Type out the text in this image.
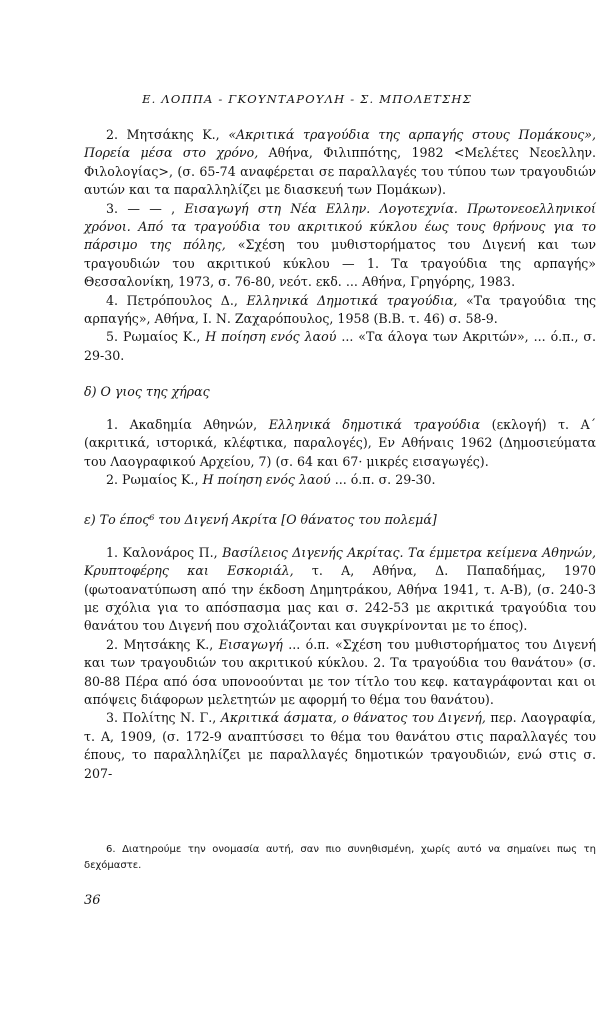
Ε. ΛΟΠΠΑ - ΓΚΟΥΝΤΑΡΟΥΛΗ - Σ. ΜΠΟΛΕΤΣΗΣ

2. Μητσάκης Κ., «Ακριτικά τραγούδια της αρπαγής στους Πομάκους», Πορεία μέσα στο χρόνο, Αθήνα, Φιλιππότης, 1982 <Μελέτες Νεοελλην. Φιλολογίας>, (σ. 65-74 αναφέρεται σε παραλλαγές του τύπου των τραγουδιών αυτών και τα παραλληλίζει με διασκευή των Πομάκων).

3. — — , Εισαγωγή στη Νέα Ελλην. Λογοτεχνία. Πρωτονεοελληνικοί χρόνοι. Από τα τραγούδια του ακριτικού κύκλου έως τους θρήνους για το πάρσιμο της πόλης, «Σχέση του μυθιστορήματος του Διγενή και των τραγουδιών του ακριτικού κύκλου — 1. Τα τραγούδια της αρπαγής» Θεσσαλονίκη, 1973, σ. 76-80, νεότ. εκδ. ... Αθήνα, Γρηγόρης, 1983.

4. Πετρόπουλος Δ., Ελληνικά Δημοτικά τραγούδια, «Τα τραγούδια της αρπαγής», Αθήνα, Ι. Ν. Ζαχαρόπουλος, 1958 (Β.Β. τ. 46) σ. 58-9.

5. Ρωμαίος Κ., Η ποίηση ενός λαού ... «Τα άλογα των Ακριτών», ... ό.π., σ. 29-30.

δ) Ο γιος της χήρας

1. Ακαδημία Αθηνών, Ελληνικά δημοτικά τραγούδια (εκλογή) τ. Α΄ (ακριτικά, ιστορικά, κλέφτικα, παραλογές), Εν Αθήναις 1962 (Δημοσιεύματα του Λαογραφικού Αρχείου, 7) (σ. 64 και 67· μικρές εισαγωγές).

2. Ρωμαίος Κ., Η ποίηση ενός λαού ... ό.π. σ. 29-30.

ε) Το έπος⁶ του Διγενή Ακρίτα [Ο θάνατος του πολεμά]

1. Καλονάρος Π., Βασίλειος Διγενής Ακρίτας. Τα έμμετρα κείμενα Αθηνών, Κρυπτοφέρης και Εσκοριάλ, τ. Α, Αθήνα, Δ. Παπαδήμας, 1970 (φωτοανατύπωση από την έκδοση Δημητράκου, Αθήνα 1941, τ. Α-Β), (σ. 240-3 με σχόλια για το απόσπασμα μας και σ. 242-53 με ακριτικά τραγούδια του θανάτου του Διγενή που σχολιάζονται και συγκρίνονται με το έπος).

2. Μητσάκης Κ., Εισαγωγή ... ό.π. «Σχέση του μυθιστορήματος του Διγενή και των τραγουδιών του ακριτικού κύκλου. 2. Τα τραγούδια του θανάτου» (σ. 80-88 Πέρα από όσα υπονοούνται με τον τίτλο του κεφ. καταγράφονται και οι απόψεις διάφορων μελετητών με αφορμή το θέμα του θανάτου).

3. Πολίτης Ν. Γ., Ακριτικά άσματα, ο θάνατος του Διγενή, περ. Λαογραφία, τ. Α, 1909, (σ. 172-9 αναπτύσσει το θέμα του θανάτου στις παραλλαγές του έπους, το παραλληλίζει με παραλλαγές δημοτικών τραγουδιών, ενώ στις σ. 207-

6. Διατηρούμε την ονομασία αυτή, σαν πιο συνηθισμένη, χωρίς αυτό να σημαίνει πως τη δεχόμαστε.
36
